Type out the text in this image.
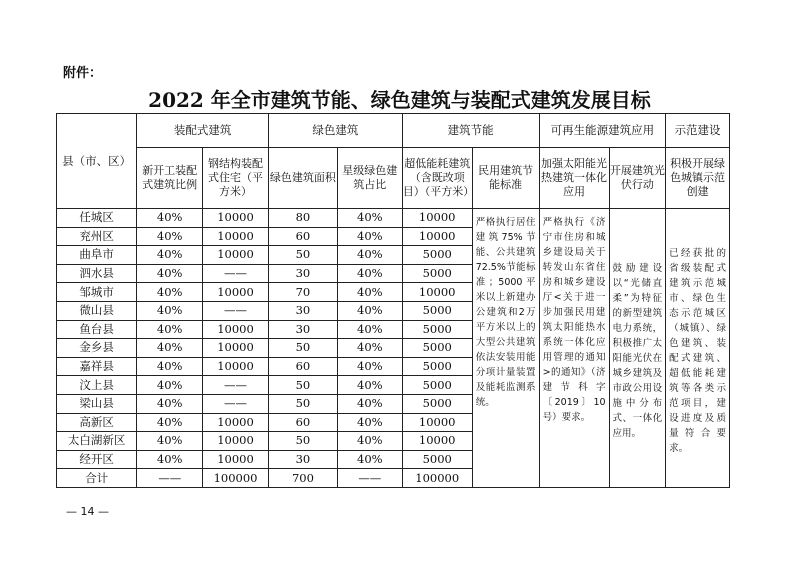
附件：
2022 年全市建筑节能、绿色建筑与装配式建筑发展目标
县（市、区）	装配式建筑		绿色建筑		建筑节能		可再生能源建筑应用		示范建设
	新开工装配式建筑比例	钢结构装配式住宅（平方米）	绿色建筑面积	星级绿色建筑占比	超低能耗建筑（含既改项目）（平方米）	民用建筑节能标准	加强太阳能光热建筑一体化应用	开展建筑光伏行动	积极开展绿色城镇示范创建
任城区	40%	10000	80	40%	10000	严格执行居住建筑75%节能、公共建筑72.5%节能标准；5000平米以上新建办公建筑和2万平方米以上的大型公共建筑依法安装用能分项计量装置及能耗监测系统。	严格执行《济宁市住房和城乡建设局关于转发山东省住房和城乡建设厅<关于进一步加强民用建筑太阳能热水系统一体化应用管理的通知>的通知》（济建节科字〔2019〕10号）要求。	鼓励建设以“光储直柔”为特征的新型建筑电力系统，积极推广太阳能光伏在城乡建筑及市政公用设施中分布式、一体化应用。	已经获批的省级装配式建筑示范城市、绿色生态示范城区（城镇）、绿色建筑、装配式建筑、超低能耗建筑等各类示范项目，建设进度及质量符合要求。

兖州区	40%	10000	60	40%	10000				
曲阜市	40%	10000	50	40%	5000				
泗水县	40%	——	30	40%	5000				
邹城市	40%	10000	70	40%	10000				
微山县	40%	——	30	40%	5000				
鱼台县	40%	10000	30	40%	5000				
金乡县	40%	10000	50	40%	5000				
嘉祥县	40%	10000	60	40%	5000				
汶上县	40%	——	50	40%	5000				
梁山县	40%	——	50	40%	5000				
高新区	40%	10000	60	40%	10000				
太白湖新区	40%	10000	50	40%	10000				
经开区	40%	10000	30	40%	5000				
合计	——	100000	700	——	100000				
— 14 —
